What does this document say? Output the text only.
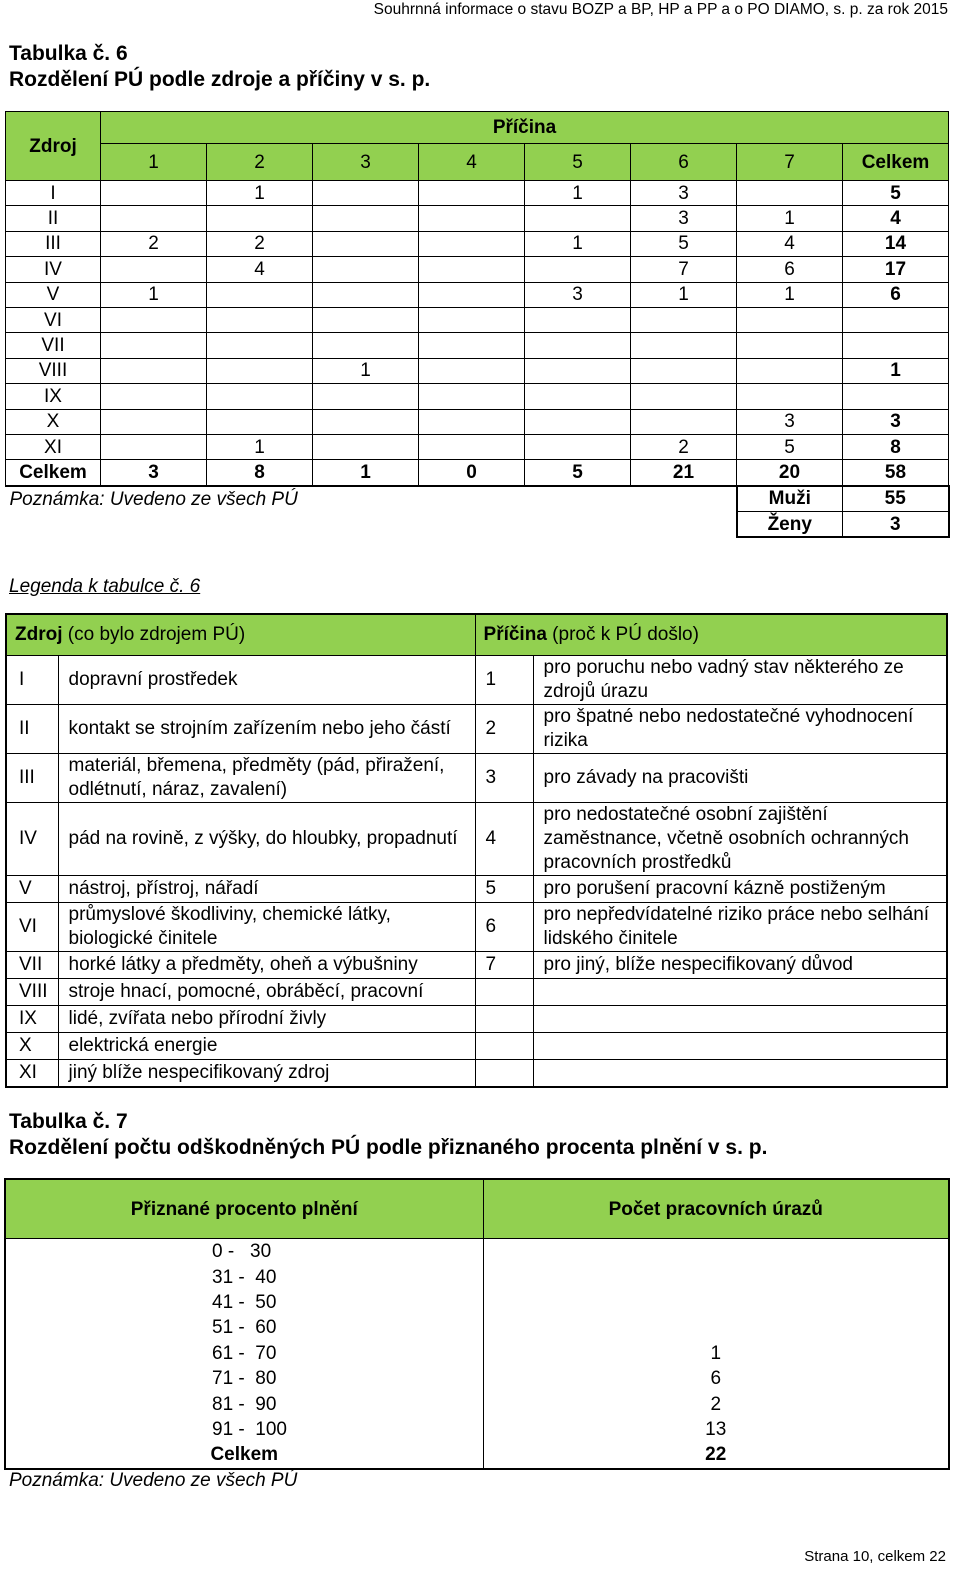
Souhrnná informace o stavu BOZP a BP, HP a PP a o PO DIAMO, s. p. za rok 2015
Tabulka č. 6
Rozdělení PÚ podle zdroje a příčiny v s. p.
Zdroj	Příčina							
	1	2	3	4	5	6	7	Celkem
I		1			1	3		5
II						3	1	4
III	2	2			1	5	4	14
IV		4				7	6	17
V	1				3	1	1	6
VI								
VII								
VIII			1					1
IX								
X							3	3
XI		1				2	5	8
Celkem	3	8	1	0	5	21	20	58
Poznámka: Uvedeno ze všech PÚ							Muži	55
							Ženy	3
Legenda k tabulce č. 6
Zdroj (co bylo zdrojem PÚ)		Příčina (proč k PÚ došlo)	
I	dopravní prostředek	1	pro poruchu nebo vadný stav některého ze zdrojů úrazu
II	kontakt se strojním zařízením nebo jeho částí	2	pro špatné nebo nedostatečné vyhodnocení rizika
III	materiál, břemena, předměty (pád, přiražení, odlétnutí, náraz, zavalení)	3	pro závady na pracovišti
IV	pád na rovině, z výšky, do hloubky, propadnutí	4	pro nedostatečné osobní zajištění zaměstnance, včetně osobních ochranných pracovních prostředků
V	nástroj, přístroj, nářadí	5	pro porušení pracovní kázně postiženým
VI	průmyslové škodliviny, chemické látky, biologické činitele	6	pro nepředvídatelné riziko práce nebo selhání lidského činitele
VII	horké látky a předměty, oheň a výbušniny	7	pro jiný, blíže nespecifikovaný důvod
VIII	stroje hnací, pomocné, obráběcí, pracovní		
IX	lidé, zvířata nebo přírodní živly		
X	elektrická energie		
XI	jiný blíže nespecifikovaný zdroj		
Tabulka č. 7
Rozdělení počtu odškodněných PÚ podle přiznaného procenta plnění v s. p.
Přiznané procento plnění	Počet pracovních úrazů
0 -   30	
31 -  40	
41 -  50	
51 -  60	
61 -  70	1
71 -  80	6
81 -  90	2
91 -  100	13
Celkem	22
Poznámka: Uvedeno ze všech PÚ
Strana 10, celkem 22
